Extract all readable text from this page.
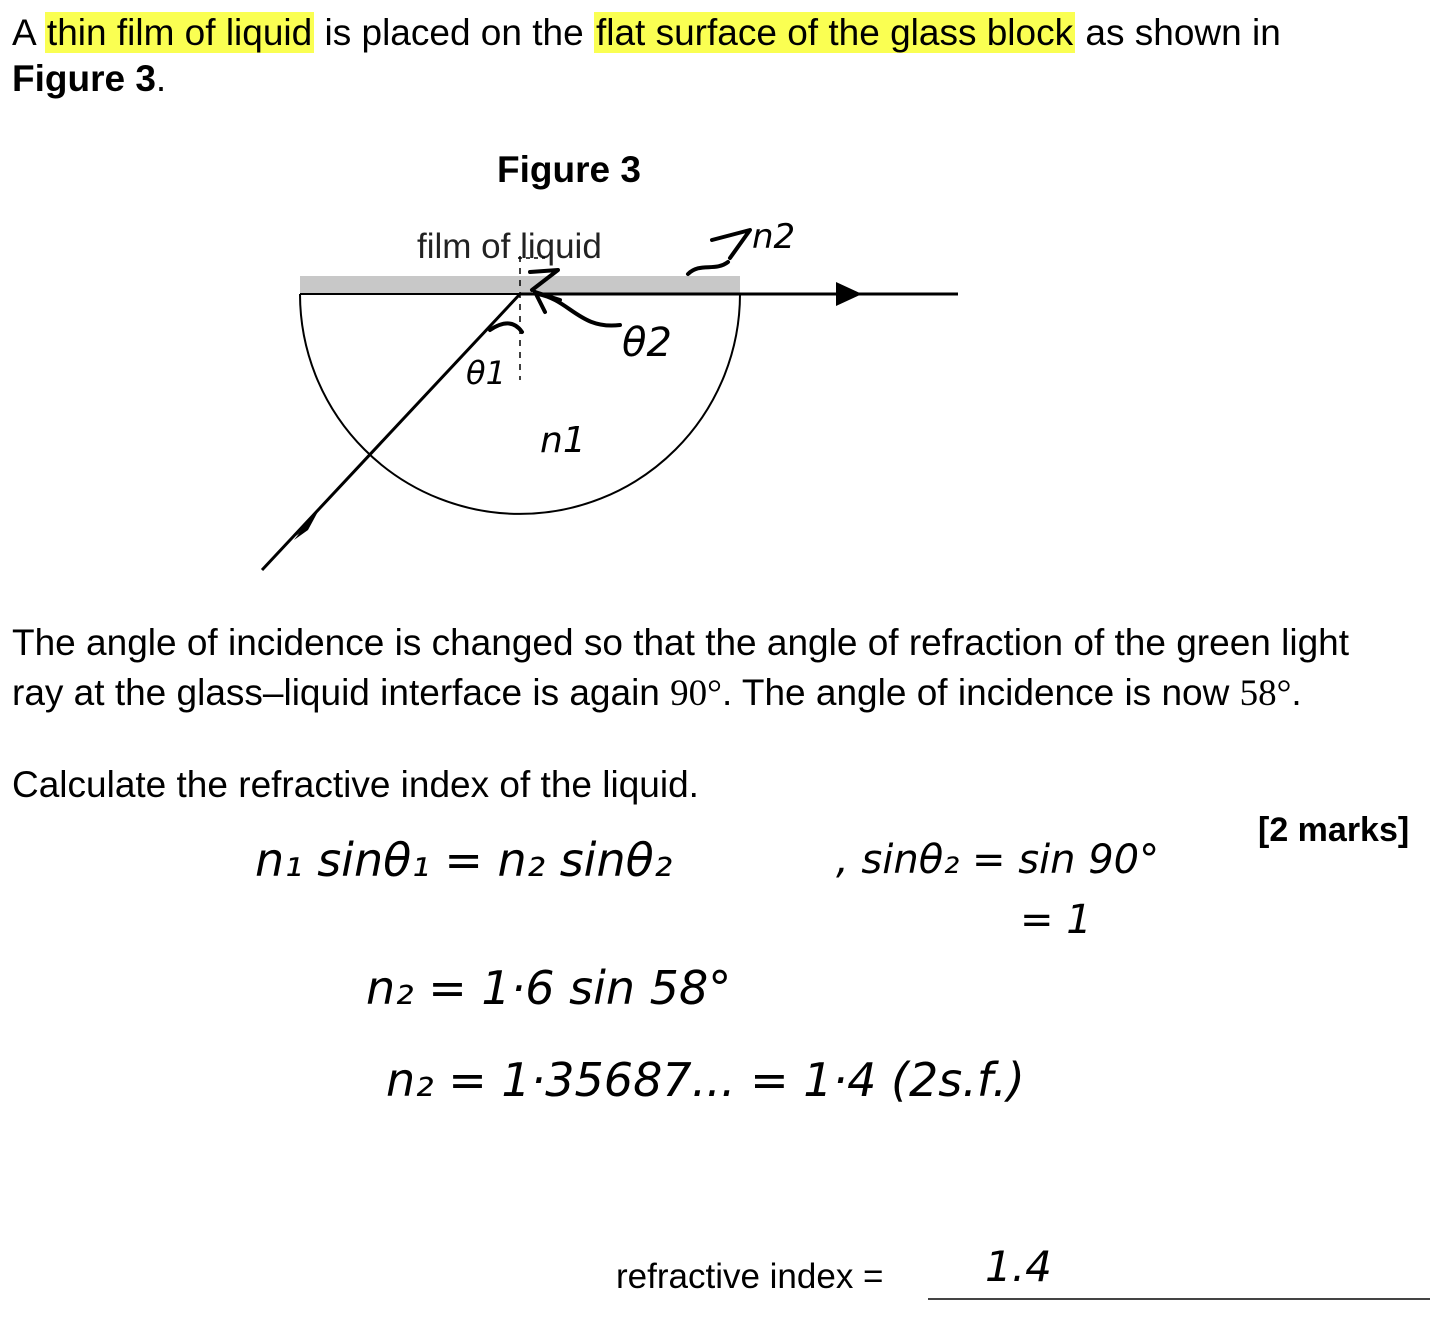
A thin film of liquid is placed on the flat surface of the glass block as shown in
Figure 3.
Figure 3
film of liquid	n2
θ2
θ1
n1
The angle of incidence is changed so that the angle of refraction of the green light
ray at the glass–liquid interface is again 90°. The angle of incidence is now 58°.
Calculate the refractive index of the liquid.
[2 marks]
n₁ sinθ₁ = n₂ sinθ₂	, sinθ₂ = sin 90°
= 1
n₂ = 1·6 sin 58°
n₂ = 1·35687... = 1·4 (2s.f.)
refractive index = 1.4
